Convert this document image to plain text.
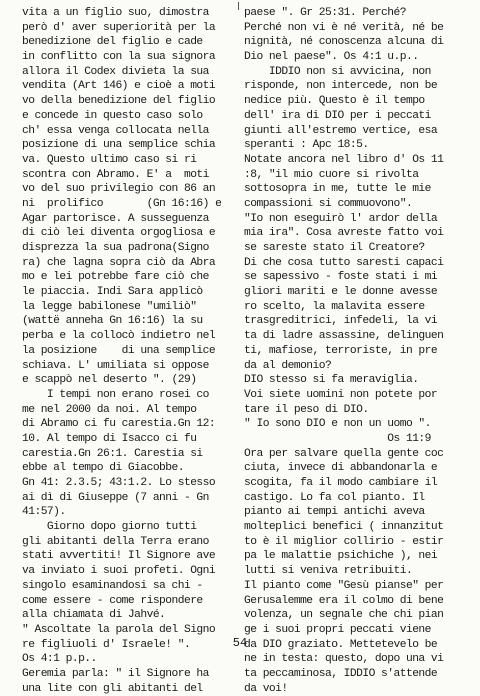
vita a un figlio suo, dimostra
però d' aver superiorità per la
benedizione del figlio e cade
in conflitto con la sua signora
allora il Codex divieta la sua
vendita (Art 146) e cioè a moti
vo della benedizione del figlio
e concede in questo caso solo
ch' essa venga collocata nella
posizione di una semplice schia
va. Questo ultimo caso si ri
scontra con Abramo. E' a  moti
vo del suo privilegio con 86 an
ni  prolifico       (Gn 16:16) e
Agar partorisce. A susseguenza
di ciò lei diventa orgogliosa e
disprezza la sua padrona(Signo
ra) che lagna sopra ciò da Abra
mo e lei potrebbe fare ciò che
le piaccia. Indi Sara applicò
la legge babilonese "umiliò"
(wattë anneha Gn 16:16) la su
perba e la collocò indietro nel
la posizione    di una semplice
schiava. L' umiliata si oppose
e scappò nel deserto ". (29)
I tempi non erano rosei co
me nel 2000 da noi. Al tempo
di Abramo ci fu carestia.Gn 12:
10. Al tempo di Isacco ci fu
carestia.Gn 26:1. Carestia si
ebbe al tempo di Giacobbe.
Gn 41: 2.3.5; 43:1.2. Lo stesso
ai dì di Giuseppe (7 anni - Gn
41:57).
Giorno dopo giorno tutti
gli abitanti della Terra erano
stati avvertiti! Il Signore ave
va inviato i suoi profeti. Ogni
singolo esaminandosi sa chi -
come essere - come rispondere
alla chiamata di Jahvé.
" Ascoltate la parola del Signo
re figliuoli d' Israele! ".
Os 4:1 p.p..
Geremia parla: " il Signore ha
una lite con gli abitanti del
paese ". Gr 25:31. Perché?
Perché non vi è né verità, né be
nignità, né conoscenza alcuna di
Dio nel paese". Os 4:1 u.p..
IDDIO non si avvicina, non
risponde, non intercede, non be
nedice più. Questo è il tempo
dell' ira di DIO per i peccati
giunti all'estremo vertice, esa
speranti : Apc 18:5.
Notate ancora nel libro d' Os 11
:8, "il mio cuore si rivolta
sottosopra in me, tutte le mie
compassioni si commuovono".
"Io non eseguirò l' ardor della
mia ira". Cosa avreste fatto voi
se sareste stato il Creatore?
Di che cosa tutto saresti capaci
se sapessivo - foste stati i mi
gliori mariti e le donne avesse
ro scelto, la malavita essere
trasgreditrici, infedeli, la vi
ta di ladre assassine, delinguen
ti, mafiose, terroriste, in pre
da al demonio?
DIO stesso si fa meraviglia.
Voi siete uomini non potete por
tare il peso di DIO.
" Io sono DIO e non un uomo ".
Os 11:9
Ora per salvare quella gente coc
ciuta, invece di abbandonarla e
scogita, fa il modo cambiare il
castigo. Lo fa col pianto. Il
pianto ai tempi antichi aveva
molteplici benefici ( innanzitut
to è il miglior collirio - estir
pa le malattie psichiche ), nei
lutti si veniva retribuiti.
Il pianto come "Gesù pianse" per
Gerusalemme era il colmo di bene
volenza, un segnale che chi pian
ge i suoi propri peccati viene
da DIO graziato. Mettetevelo be
ne in testa: questo, dopo una vi
ta peccaminosa, IDDIO s'attende
da voi!
54
